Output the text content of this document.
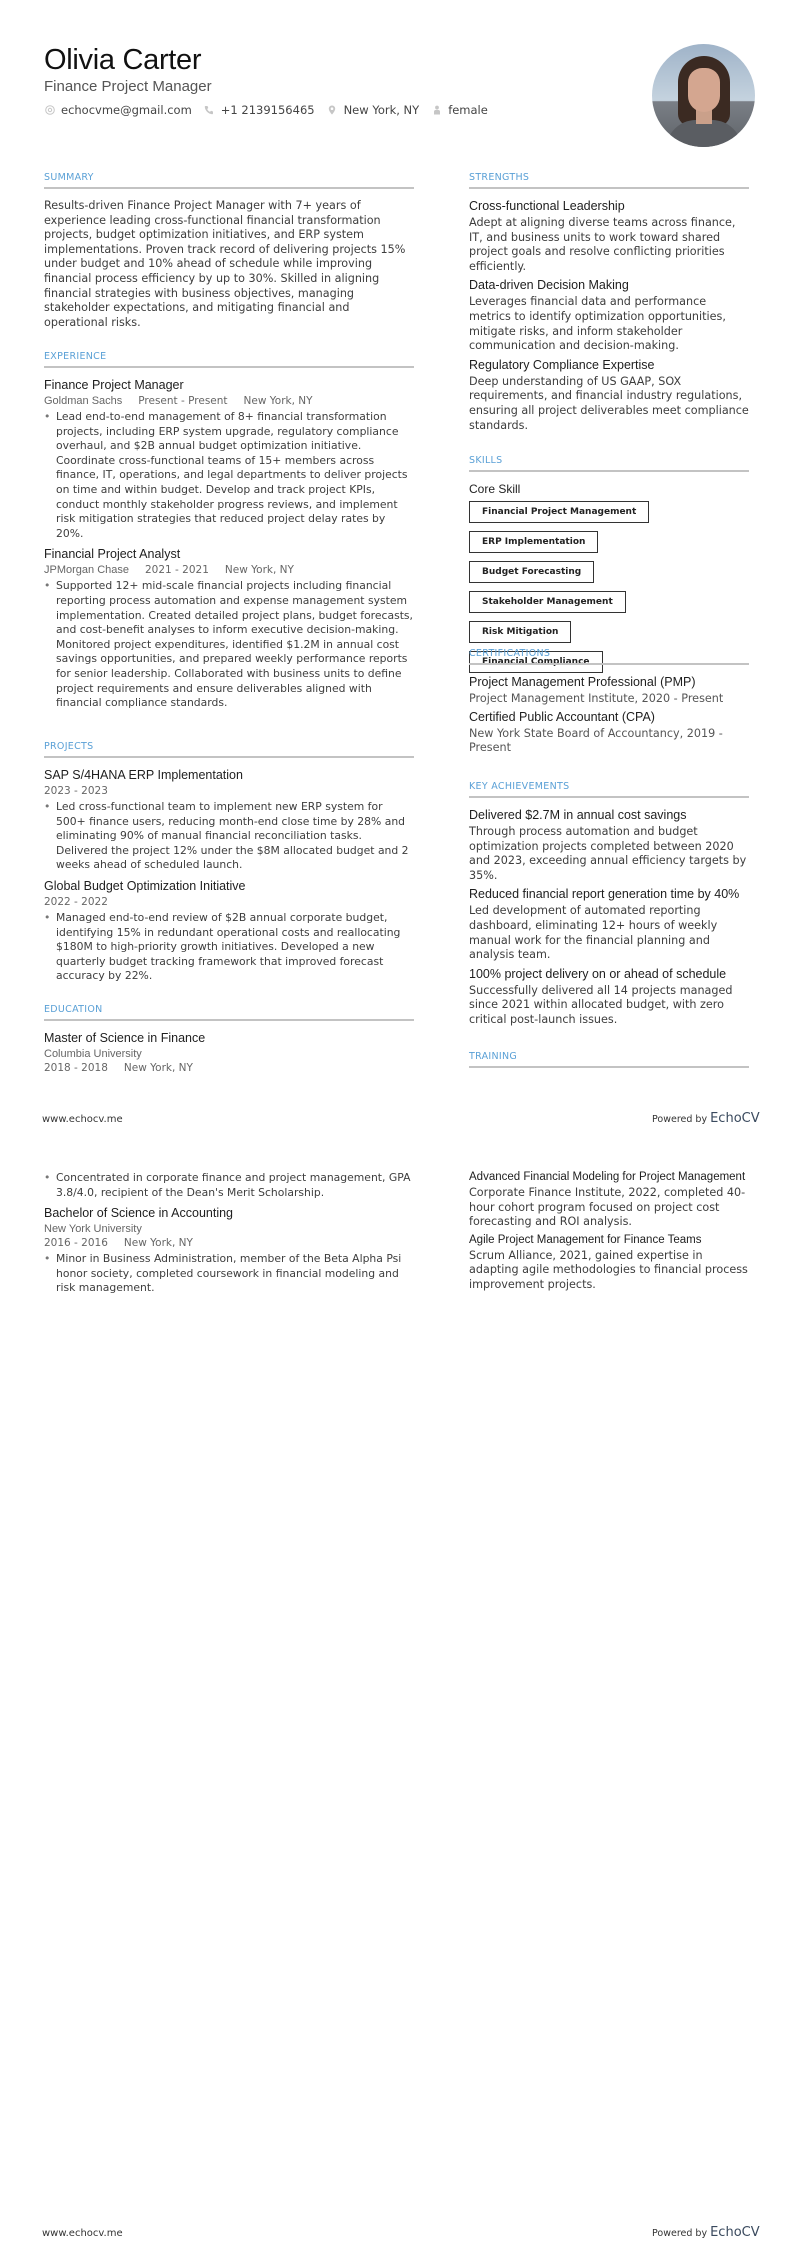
Olivia Carter
Finance Project Manager
echocvme@gmail.com	+1 2139156465	New York, NY	female
SUMMARY
Results-driven Finance Project Manager with 7+ years of experience leading cross-functional financial transformation projects, budget optimization initiatives, and ERP system implementations. Proven track record of delivering projects 15% under budget and 10% ahead of schedule while improving financial process efficiency by up to 30%. Skilled in aligning financial strategies with business objectives, managing stakeholder expectations, and mitigating financial and operational risks.
EXPERIENCE
Finance Project Manager
Goldman Sachs Present - Present New York, NY
• Lead end-to-end management of 8+ financial transformation projects, including ERP system upgrade, regulatory compliance overhaul, and $2B annual budget optimization initiative. Coordinate cross-functional teams of 15+ members across finance, IT, operations, and legal departments to deliver projects on time and within budget. Develop and track project KPIs, conduct monthly stakeholder progress reviews, and implement risk mitigation strategies that reduced project delay rates by 20%.
Financial Project Analyst
JPMorgan Chase 2021 - 2021 New York, NY
• Supported 12+ mid-scale financial projects including financial reporting process automation and expense management system implementation. Created detailed project plans, budget forecasts, and cost-benefit analyses to inform executive decision-making. Monitored project expenditures, identified $1.2M in annual cost savings opportunities, and prepared weekly performance reports for senior leadership. Collaborated with business units to define project requirements and ensure deliverables aligned with financial compliance standards.
PROJECTS
SAP S/4HANA ERP Implementation
2023 - 2023
• Led cross-functional team to implement new ERP system for 500+ finance users, reducing month-end close time by 28% and eliminating 90% of manual financial reconciliation tasks. Delivered the project 12% under the $8M allocated budget and 2 weeks ahead of scheduled launch.
Global Budget Optimization Initiative
2022 - 2022
• Managed end-to-end review of $2B annual corporate budget, identifying 15% in redundant operational costs and reallocating $180M to high-priority growth initiatives. Developed a new quarterly budget tracking framework that improved forecast accuracy by 22%.
EDUCATION
Master of Science in Finance
Columbia University
2018 - 2018 New York, NY
STRENGTHS
Cross-functional Leadership
Adept at aligning diverse teams across finance, IT, and business units to work toward shared project goals and resolve conflicting priorities efficiently.
Data-driven Decision Making
Leverages financial data and performance metrics to identify optimization opportunities, mitigate risks, and inform stakeholder communication and decision-making.
Regulatory Compliance Expertise
Deep understanding of US GAAP, SOX requirements, and financial industry regulations, ensuring all project deliverables meet compliance standards.
SKILLS
Core Skill
Financial Project Management
ERP Implementation
Budget Forecasting
Stakeholder Management
Risk Mitigation
Financial Compliance
CERTIFICATIONS
Project Management Professional (PMP)
Project Management Institute, 2020 - Present
Certified Public Accountant (CPA)
New York State Board of Accountancy, 2019 - Present
KEY ACHIEVEMENTS
Delivered $2.7M in annual cost savings
Through process automation and budget optimization projects completed between 2020 and 2023, exceeding annual efficiency targets by 35%.
Reduced financial report generation time by 40%
Led development of automated reporting dashboard, eliminating 12+ hours of weekly manual work for the financial planning and analysis team.
100% project delivery on or ahead of schedule
Successfully delivered all 14 projects managed since 2021 within allocated budget, with zero critical post-launch issues.
TRAINING
www.echocv.me	Powered by EchoCV
• Concentrated in corporate finance and project management, GPA 3.8/4.0, recipient of the Dean's Merit Scholarship.
Bachelor of Science in Accounting
New York University
2016 - 2016 New York, NY
• Minor in Business Administration, member of the Beta Alpha Psi honor society, completed coursework in financial modeling and risk management.
Advanced Financial Modeling for Project Management
Corporate Finance Institute, 2022, completed 40-hour cohort program focused on project cost forecasting and ROI analysis.
Agile Project Management for Finance Teams
Scrum Alliance, 2021, gained expertise in adapting agile methodologies to financial process improvement projects.
www.echocv.me	Powered by EchoCV
